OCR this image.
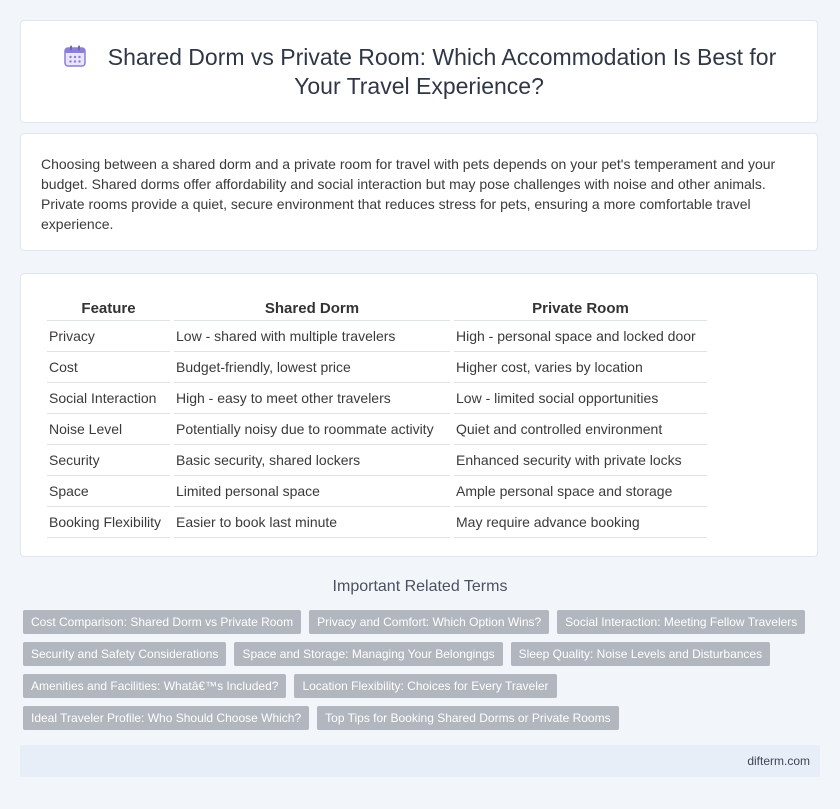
Shared Dorm vs Private Room: Which Accommodation Is Best for Your Travel Experience?

Choosing between a shared dorm and a private room for travel with pets depends on your pet's temperament and your budget. Shared dorms offer affordability and social interaction but may pose challenges with noise and other animals. Private rooms provide a quiet, secure environment that reduces stress for pets, ensuring a more comfortable travel experience.

Feature	Shared Dorm	Private Room
Privacy	Low - shared with multiple travelers	High - personal space and locked door
Cost	Budget-friendly, lowest price	Higher cost, varies by location
Social Interaction	High - easy to meet other travelers	Low - limited social opportunities
Noise Level	Potentially noisy due to roommate activity	Quiet and controlled environment
Security	Basic security, shared lockers	Enhanced security with private locks
Space	Limited personal space	Ample personal space and storage
Booking Flexibility	Easier to book last minute	May require advance booking
Important Related Terms
Cost Comparison: Shared Dorm vs Private Room	Privacy and Comfort: Which Option Wins?	Social Interaction: Meeting Fellow Travelers
Security and Safety Considerations	Space and Storage: Managing Your Belongings	Sleep Quality: Noise Levels and Disturbances
Amenities and Facilities: Whatâ€™s Included?	Location Flexibility: Choices for Every Traveler
Ideal Traveler Profile: Who Should Choose Which?	Top Tips for Booking Shared Dorms or Private Rooms
difterm.com
